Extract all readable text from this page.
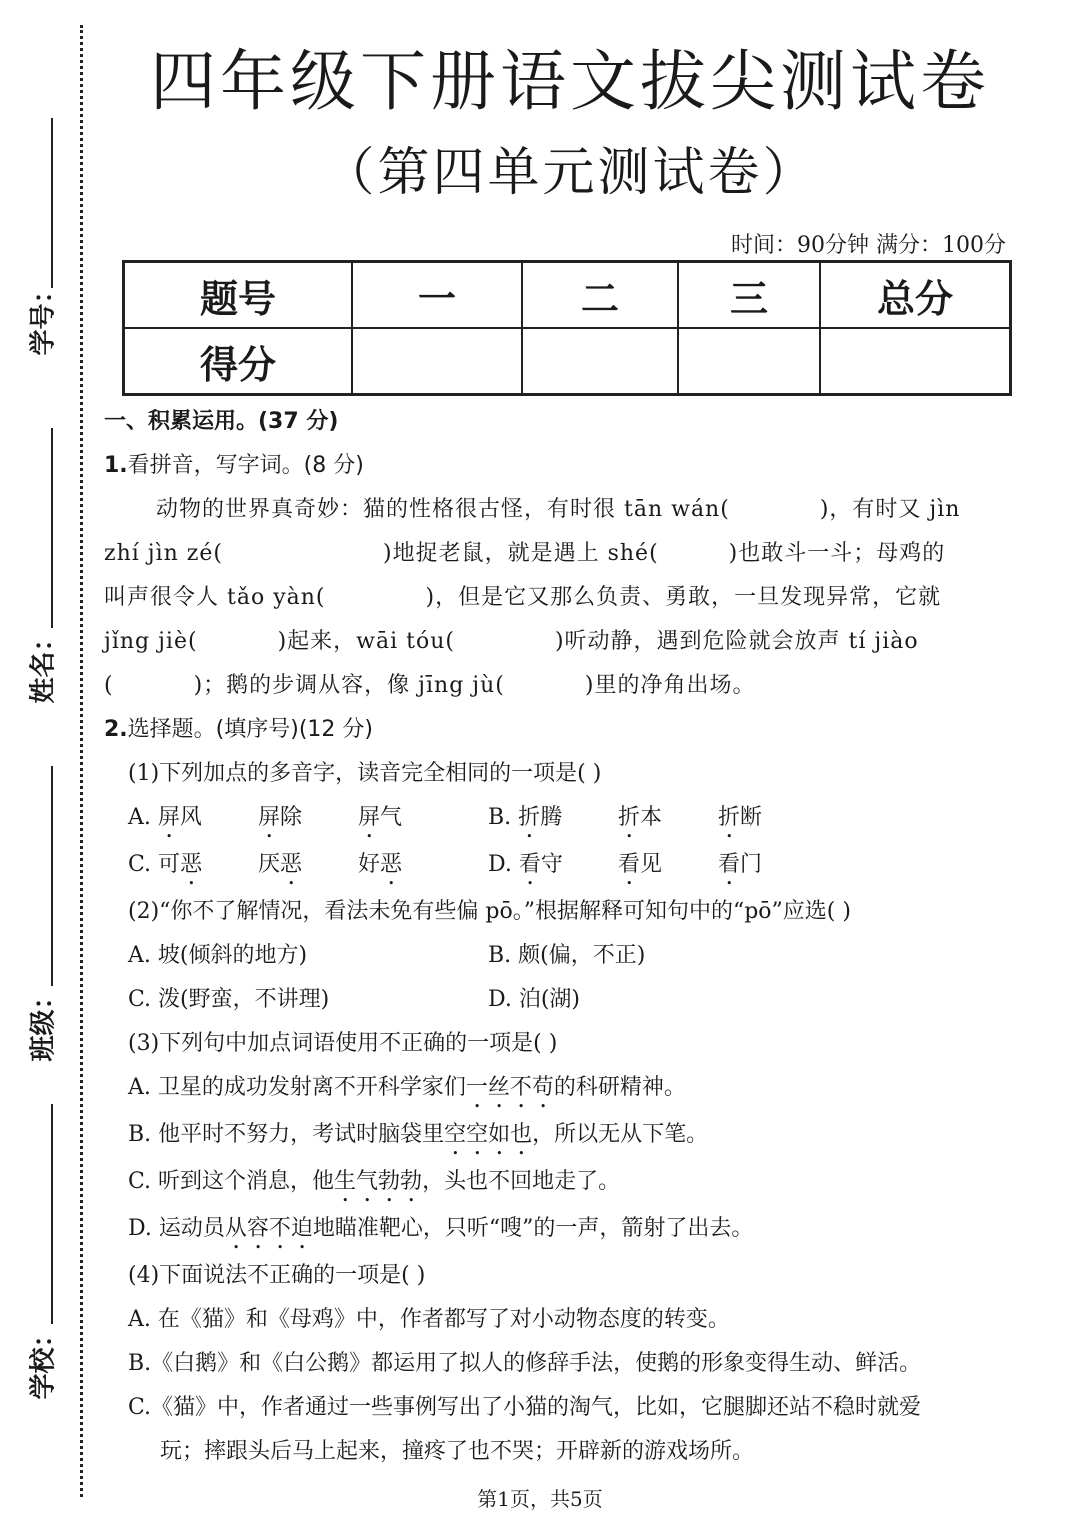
学号：
姓名：
班级：
学校：
四年级下册语文拔尖测试卷
（第四单元测试卷）
时间：90分钟 满分：100分
题号	一	二	三	总分
得分				
一、积累运用。(37 分)
1.看拼音，写字词。(8 分)
动物的世界真奇妙：猫的性格很古怪，有时很 tān wán(	)，有时又 jìn
zhí jìn zé(	)地捉老鼠，就是遇上 shé(	)也敢斗一斗；母鸡的
叫声很令人 tǎo yàn(	)，但是它又那么负责、勇敢，一旦发现异常，它就
jǐng jiè(	)起来，wāi tóu(	)听动静，遇到危险就会放声 tí jiào
(	)；鹅的步调从容，像 jīng jù(	)里的净角出场。
2.选择题。(填序号)(12 分)
(1)下列加点的多音字，读音完全相同的一项是( )
A. 屏风	屏除	屏气	B. 折腾	折本	折断
C. 可恶	厌恶	好恶	D. 看守	看见	看门
(2)“你不了解情况，看法未免有些偏 pō。”根据解释可知句中的“pō”应选( )
A. 坡(倾斜的地方)	B. 颇(偏，不正)
C. 泼(野蛮，不讲理)	D. 泊(湖)
(3)下列句中加点词语使用不正确的一项是( )
A. 卫星的成功发射离不开科学家们一丝不苟的科研精神。
B. 他平时不努力，考试时脑袋里空空如也，所以无从下笔。
C. 听到这个消息，他生气勃勃，头也不回地走了。
D. 运动员从容不迫地瞄准靶心，只听“嗖”的一声，箭射了出去。
(4)下面说法不正确的一项是( )
A. 在《猫》和《母鸡》中，作者都写了对小动物态度的转变。
B.《白鹅》和《白公鹅》都运用了拟人的修辞手法，使鹅的形象变得生动、鲜活。
C.《猫》中，作者通过一些事例写出了小猫的淘气，比如，它腿脚还站不稳时就爱
玩；摔跟头后马上起来，撞疼了也不哭；开辟新的游戏场所。
第1页，共5页
